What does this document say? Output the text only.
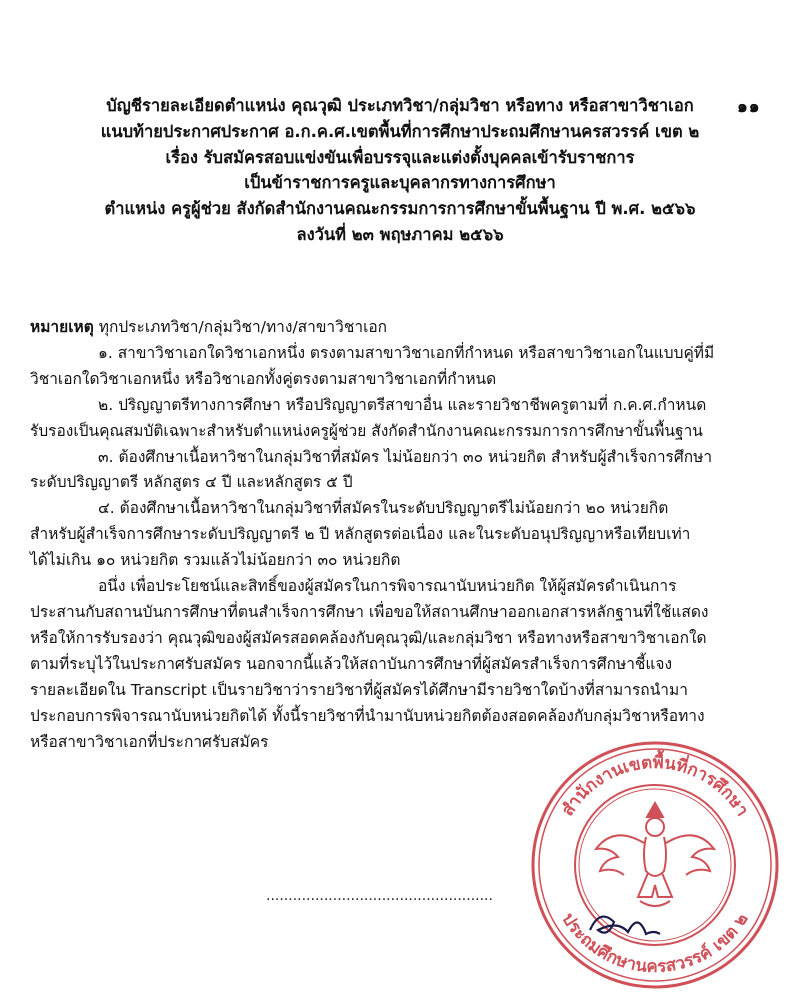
๑๑
บัญชีรายละเอียดตำแหน่ง คุณวุฒิ ประเภทวิชา/กลุ่มวิชา หรือทาง หรือสาขาวิชาเอก
แนบท้ายประกาศประกาศ อ.ก.ค.ศ.เขตพื้นที่การศึกษาประถมศึกษานครสวรรค์ เขต ๒
เรื่อง รับสมัครสอบแข่งขันเพื่อบรรจุและแต่งตั้งบุคคลเข้ารับราชการ
เป็นข้าราชการครูและบุคลากรทางการศึกษา
ตำแหน่ง ครูผู้ช่วย สังกัดสำนักงานคณะกรรมการการศึกษาขั้นพื้นฐาน ปี พ.ศ. ๒๕๖๖
ลงวันที่ ๒๓ พฤษภาคม ๒๕๖๖
หมายเหตุ ทุกประเภทวิชา/กลุ่มวิชา/ทาง/สาขาวิชาเอก
๑. สาขาวิชาเอกใดวิชาเอกหนึ่ง ตรงตามสาขาวิชาเอกที่กำหนด หรือสาขาวิชาเอกในแบบคู่ที่มี
วิชาเอกใดวิชาเอกหนึ่ง หรือวิชาเอกทั้งคู่ตรงตามสาขาวิชาเอกที่กำหนด
๒. ปริญญาตรีทางการศึกษา หรือปริญญาตรีสาขาอื่น และรายวิชาชีพครูตามที่ ก.ค.ศ.กำหนด
รับรองเป็นคุณสมบัติเฉพาะสำหรับตำแหน่งครูผู้ช่วย สังกัดสำนักงานคณะกรรมการการศึกษาขั้นพื้นฐาน
๓. ต้องศึกษาเนื้อหาวิชาในกลุ่มวิชาที่สมัคร ไม่น้อยกว่า ๓๐ หน่วยกิต สำหรับผู้สำเร็จการศึกษา
ระดับปริญญาตรี หลักสูตร ๔ ปี และหลักสูตร ๕ ปี
๔. ต้องศึกษาเนื้อหาวิชาในกลุ่มวิชาที่สมัครในระดับปริญญาตรีไม่น้อยกว่า ๒๐ หน่วยกิต
สำหรับผู้สำเร็จการศึกษาระดับปริญญาตรี ๒ ปี หลักสูตรต่อเนื่อง และในระดับอนุปริญญาหรือเทียบเท่า
ได้ไม่เกิน ๑๐ หน่วยกิต รวมแล้วไม่น้อยกว่า ๓๐ หน่วยกิต
อนึ่ง เพื่อประโยชน์และสิทธิ์ของผู้สมัครในการพิจารณานับหน่วยกิต ให้ผู้สมัครดำเนินการ
ประสานกับสถานบันการศึกษาที่ตนสำเร็จการศึกษา เพื่อขอให้สถานศึกษาออกเอกสารหลักฐานที่ใช้แสดง
หรือให้การรับรองว่า คุณวุฒิของผู้สมัครสอดคล้องกับคุณวุฒิ/และกลุ่มวิชา หรือทางหรือสาขาวิชาเอกใด
ตามที่ระบุไว้ในประกาศรับสมัคร นอกจากนี้แล้วให้สถาบันการศึกษาที่ผู้สมัครสำเร็จการศึกษาชี้แจง
รายละเอียดใน Transcript เป็นรายวิชาว่ารายวิชาที่ผู้สมัครได้ศึกษามีรายวิชาใดบ้างที่สามารถนำมา
ประกอบการพิจารณานับหน่วยกิตได้ ทั้งนี้รายวิชาที่นำมานับหน่วยกิตต้องสอดคล้องกับกลุ่มวิชาหรือทาง
หรือสาขาวิชาเอกที่ประกาศรับสมัคร
...................................................
สำนักงานเขตพื้นที่การศึกษา
ประถมศึกษานครสวรรค์ เขต ๒
